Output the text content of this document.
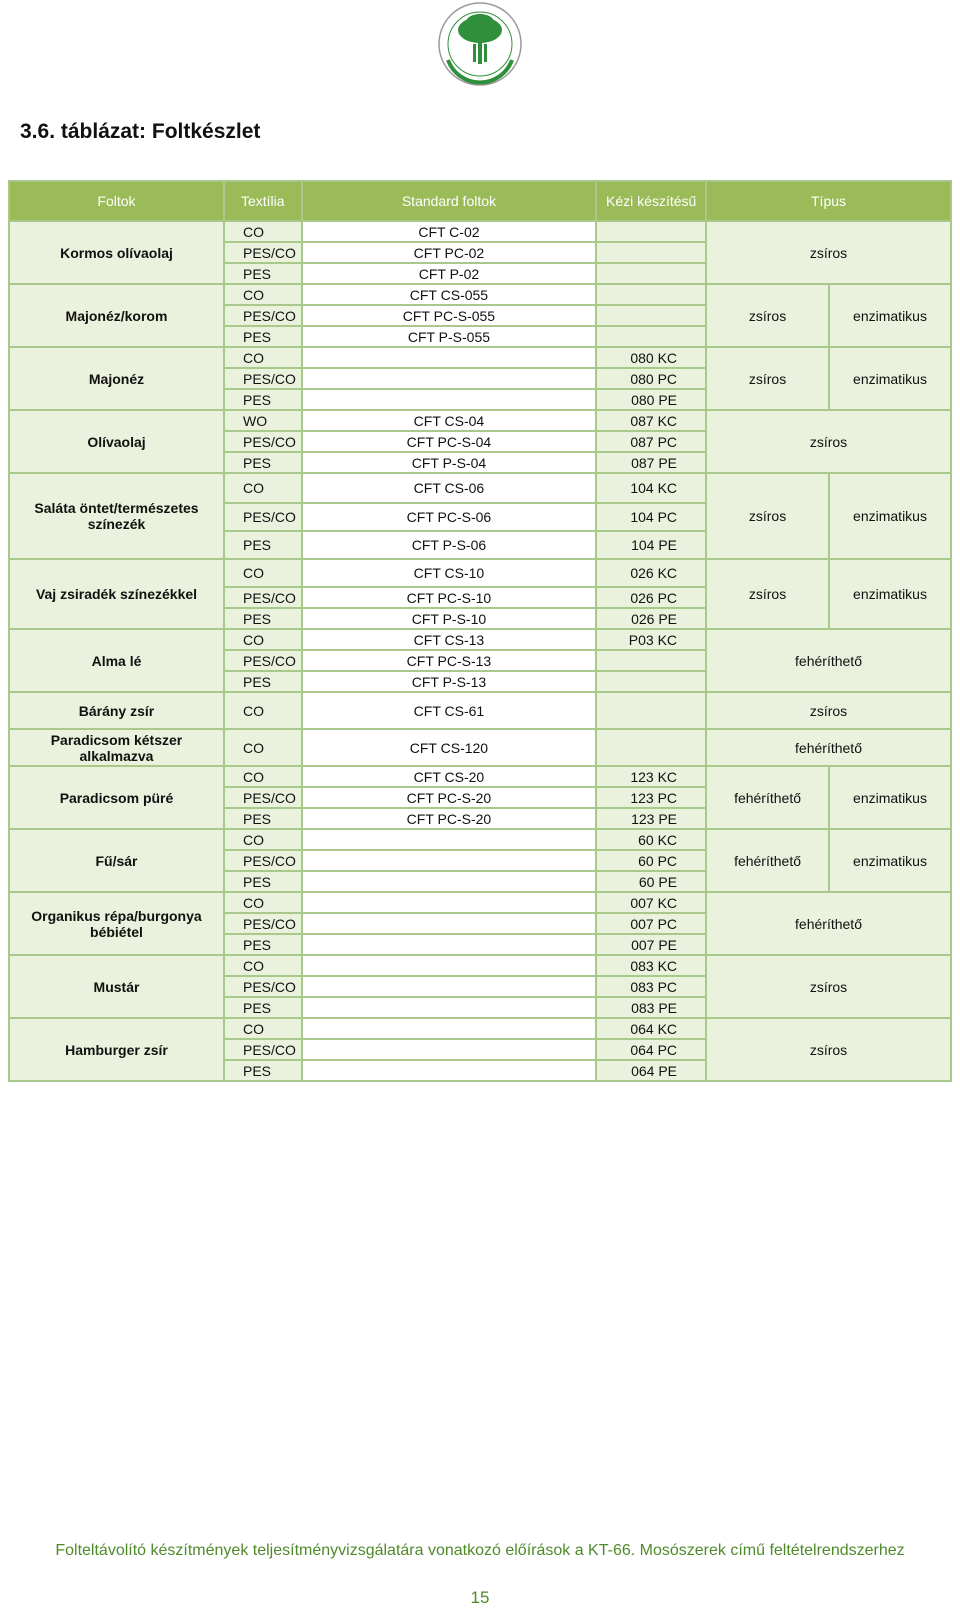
3.6. táblázat: Foltkészlet
Foltok	Textília	Standard foltok	Kézi készítésű	Típus	
Kormos olívaolaj	CO	CFT C-02		zsíros	
	PES/CO	CFT PC-02			
	PES	CFT P-02			
Majonéz/korom	CO	CFT CS-055		zsíros	enzimatikus
	PES/CO	CFT PC-S-055			
	PES	CFT P-S-055			
Majonéz	CO		080 KC	zsíros	enzimatikus
	PES/CO		080 PC		
	PES		080 PE		
Olívaolaj	WO	CFT CS-04	087 KC	zsíros	
	PES/CO	CFT PC-S-04	087 PC		
	PES	CFT P-S-04	087 PE		
Saláta öntet/természetes színezék	CO	CFT CS-06	104 KC	zsíros	enzimatikus
	PES/CO	CFT PC-S-06	104 PC		
	PES	CFT P-S-06	104 PE		
Vaj zsiradék színezékkel	CO	CFT CS-10	026 KC	zsíros	enzimatikus
	PES/CO	CFT PC-S-10	026 PC		
	PES	CFT P-S-10	026 PE		
Alma lé	CO	CFT CS-13	P03 KC	fehéríthető	
	PES/CO	CFT PC-S-13			
	PES	CFT P-S-13			
Bárány zsír	CO	CFT CS-61		zsíros	
Paradicsom kétszer alkalmazva	CO	CFT CS-120		fehéríthető	
Paradicsom püré	CO	CFT CS-20	123 KC	fehéríthető	enzimatikus
	PES/CO	CFT PC-S-20	123 PC		
	PES	CFT PC-S-20	123 PE		
Fű/sár	CO		60 KC	fehéríthető	enzimatikus
	PES/CO		60 PC		
	PES		60 PE		
Organikus répa/burgonya bébiétel	CO		007 KC	fehéríthető	
	PES/CO		007 PC		
	PES		007 PE		
Mustár	CO		083 KC	zsíros	
	PES/CO		083 PC		
	PES		083 PE		
Hamburger zsír	CO		064 KC	zsíros	
	PES/CO		064 PC		
	PES		064 PE		
Folteltávolító készítmények teljesítményvizsgálatára vonatkozó előírások a KT-66. Mosószerek című feltételrendszerhez
15
